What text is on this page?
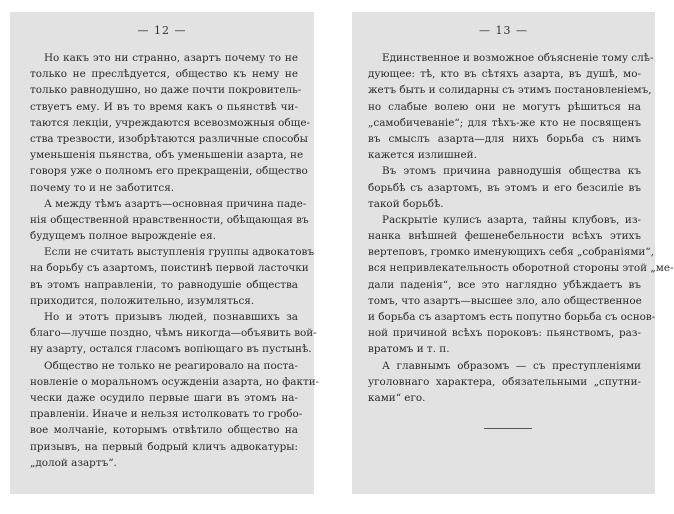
— 12 —
Но какъ это ни странно, азартъ почему то не
только не преслѣдуется, общество къ нему не
только равнодушно, но даже почти покровитель-
ствуетъ ему. И въ то время какъ о пьянствѣ чи-
таются лекціи, учреждаются всевозможныя обще-
ства трезвости, изобрѣтаются различные способы
уменьшенія пьянства, объ уменьшеніи азарта, не
говоря уже о полномъ его прекращеніи, общество
почему то и не заботится.
А между тѣмъ азартъ—основная причина паде-
нія общественной нравственности, обѣщающая въ
будущемъ полное вырожденіе ея.
Если не считать выступленія группы адвокатовъ
на борьбу съ азартомъ, поистинѣ первой ласточки
въ этомъ направленіи, то равнодушіе общества
приходится, положительно, изумляться.
Но и этотъ призывъ людей, познавшихъ за
благо—лучше поздно, чѣмъ никогда—объявить вой-
ну азарту, остался гласомъ вопіющаго въ пустынѣ.
Общество не только не реагировало на поста-
новленіе о моральномъ осужденіи азарта, но факти-
чески даже осудило первые шаги въ этомъ на-
правленіи. Иначе и нельзя истолковать то гробо-
вое молчаніе, которымъ отвѣтило общество на
призывъ, на первый бодрый кличъ адвокатуры:
„долой азартъ“.
— 13 —
Единственное и возможное объясненіе тому слѣ-
дующее: тѣ, кто въ сѣтяхъ азарта, въ душѣ, мо-
жетъ быть и солидарны съ этимъ постановленіемъ,
но слабые волею они не могутъ рѣшиться на
„самобичеваніе“; для тѣхъ-же кто не посвященъ
въ смыслъ азарта—для нихъ борьба съ нимъ
кажется излишней.
Въ этомъ причина равнодушія общества къ
борьбѣ съ азартомъ, въ этомъ и его безсиліе въ
такой борьбѣ.
Раскрытіе кулисъ азарта, тайны клубовъ, из-
нанка внѣшней фешенебельности всѣхъ этихъ
вертеповъ, громко именующихъ себя „собраніями“,
вся непривлекательность оборотной стороны этой „ме-
дали паденія“, все это наглядно убѣждаетъ въ
томъ, что азартъ—высшее зло, ало общественное
и борьба съ азартомъ есть попутно борьба съ основ-
ной причиной всѣхъ пороковъ: пьянствомъ, раз-
вратомъ и т. п.
А главнымъ образомъ — съ преступленіями
уголовнаго характера, обязательными „спутни-
ками“ его.
